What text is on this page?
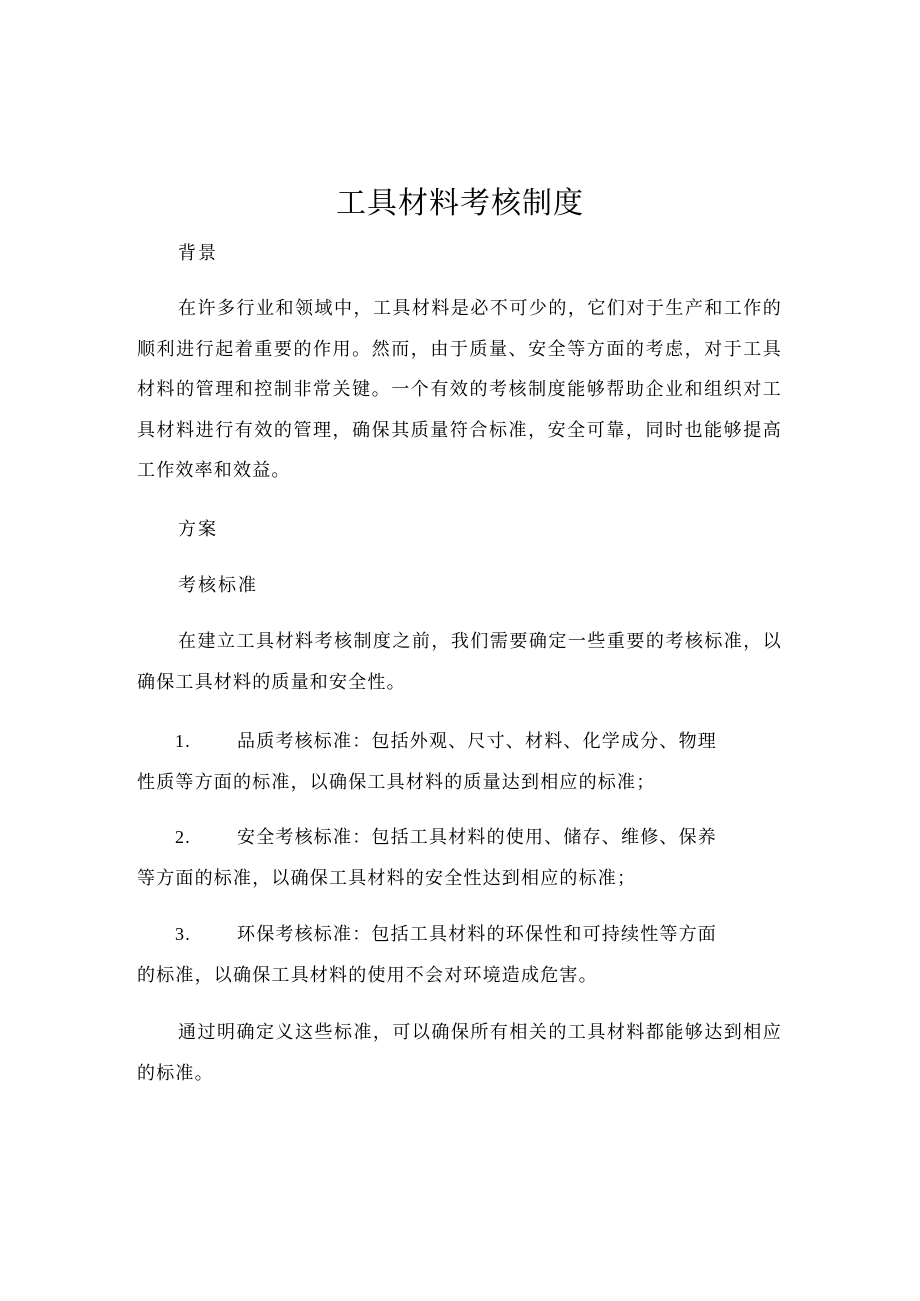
工具材料考核制度
背景

在许多行业和领域中，工具材料是必不可少的，它们对于生产和工作的顺利进行起着重要的作用。然而，由于质量、安全等方面的考虑，对于工具材料的管理和控制非常关键。一个有效的考核制度能够帮助企业和组织对工具材料进行有效的管理，确保其质量符合标准，安全可靠，同时也能够提高工作效率和效益。

方案
考核标准

在建立工具材料考核制度之前，我们需要确定一些重要的考核标准，以确保工具材料的质量和安全性。

1.	品质考核标准：包括外观、尺寸、材料、化学成分、物理
性质等方面的标准，以确保工具材料的质量达到相应的标准；
2.	安全考核标准：包括工具材料的使用、储存、维修、保养
等方面的标准，以确保工具材料的安全性达到相应的标准；
3.	环保考核标准：包括工具材料的环保性和可持续性等方面
的标准，以确保工具材料的使用不会对环境造成危害。

通过明确定义这些标准，可以确保所有相关的工具材料都能够达到相应的标准。
